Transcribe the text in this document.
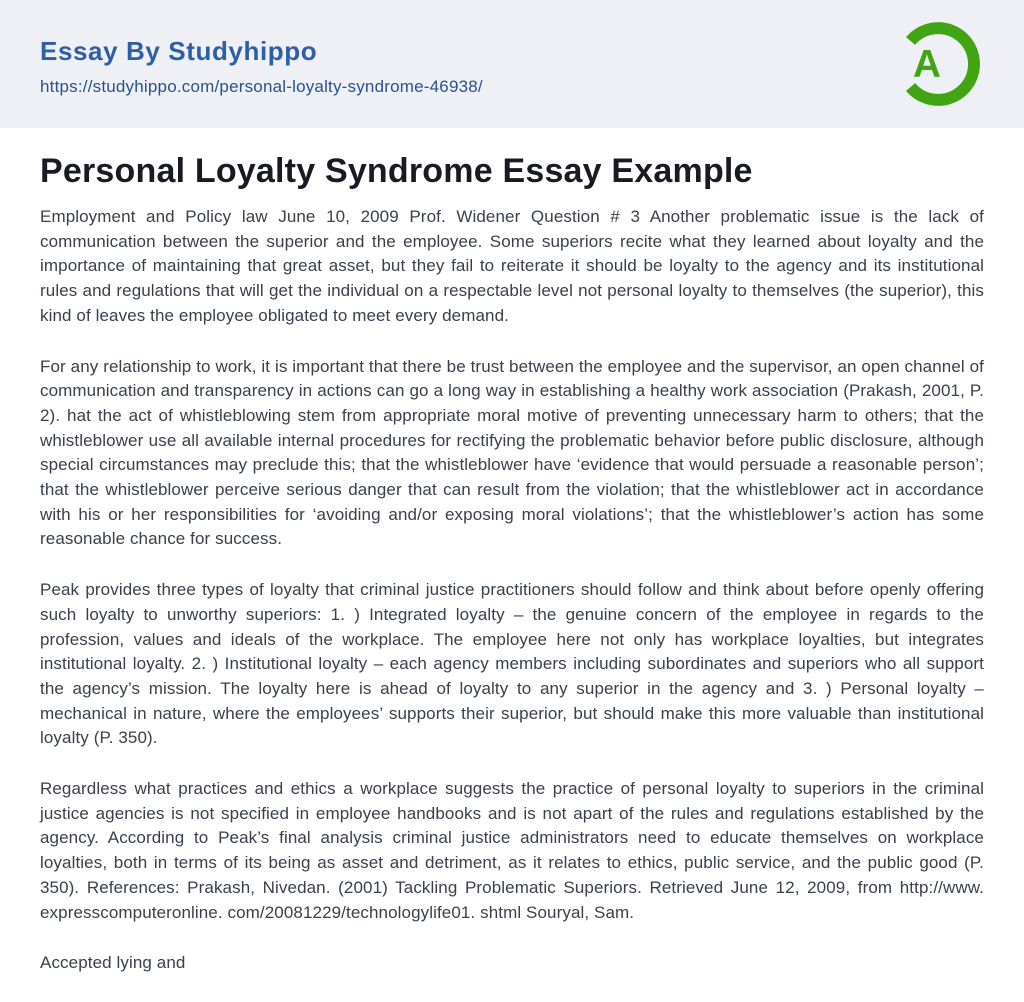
Essay By Studyhippo
https://studyhippo.com/personal-loyalty-syndrome-46938/
A
Personal Loyalty Syndrome Essay Example

Employment and Policy law June 10, 2009 Prof. Widener Question # 3 Another problematic issue is the lack of communication between the superior and the employee. Some superiors recite what they learned about loyalty and the importance of maintaining that great asset, but they fail to reiterate it should be loyalty to the agency and its institutional rules and regulations that will get the individual on a respectable level not personal loyalty to themselves (the superior), this kind of leaves the employee obligated to meet every demand.

For any relationship to work, it is important that there be trust between the employee and the supervisor, an open channel of communication and transparency in actions can go a long way in establishing a healthy work association (Prakash, 2001, P. 2). hat the act of whistleblowing stem from appropriate moral motive of preventing unnecessary harm to others; that the whistleblower use all available internal procedures for rectifying the problematic behavior before public disclosure, although special circumstances may preclude this; that the whistleblower have ‘evidence that would persuade a reasonable person’; that the whistleblower perceive serious danger that can result from the violation; that the whistleblower act in accordance with his or her responsibilities for ‘avoiding and/or exposing moral violations’; that the whistleblower’s action has some reasonable chance for success.

Peak provides three types of loyalty that criminal justice practitioners should follow and think about before openly offering such loyalty to unworthy superiors: 1. ) Integrated loyalty – the genuine concern of the employee in regards to the profession, values and ideals of the workplace. The employee here not only has workplace loyalties, but integrates institutional loyalty. 2. ) Institutional loyalty – each agency members including subordinates and superiors who all support the agency’s mission. The loyalty here is ahead of loyalty to any superior in the agency and 3. ) Personal loyalty – mechanical in nature, where the employees’ supports their superior, but should make this more valuable than institutional loyalty (P. 350).

Regardless what practices and ethics a workplace suggests the practice of personal loyalty to superiors in the criminal justice agencies is not specified in employee handbooks and is not apart of the rules and regulations established by the agency. According to Peak’s final analysis criminal justice administrators need to educate themselves on workplace loyalties, both in terms of its being as asset and detriment, as it relates to ethics, public service, and the public good (P. 350). References: Prakash, Nivedan. (2001) Tackling Problematic Superiors. Retrieved June 12, 2009, from http://www. expresscomputeronline. com/20081229/technologylife01. shtml Souryal, Sam.

Accepted lying and
